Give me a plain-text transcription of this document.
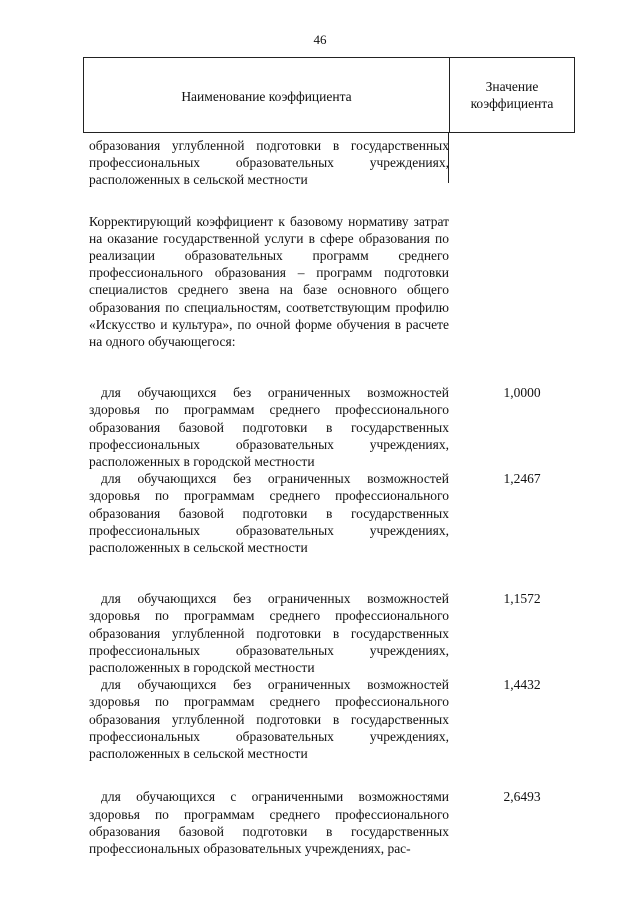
46
Наименование коэффициента
Значение коэффициента
образования углубленной подготовки в государственных профессиональных образовательных учреждениях, расположенных в сельской местности
Корректирующий коэффициент к базовому нормативу затрат на оказание государственной услуги в сфере образования по реализации образовательных программ среднего профессионального образования – программ подготовки специалистов среднего звена на базе основного общего образования по специальностям, соответствующим профилю «Искусство и культура», по очной форме обучения в расчете на одного обучающегося:
для обучающихся без ограниченных возможностей здоровья по программам среднего профессионального образования базовой подготовки в государственных профессиональных образовательных учреждениях, расположенных в городской местности
1,0000
для обучающихся без ограниченных возможностей здоровья по программам среднего профессионального образования базовой подготовки в государственных профессиональных образовательных учреждениях, расположенных в сельской местности
1,2467
для обучающихся без ограниченных возможностей здоровья по программам среднего профессионального образования углубленной подготовки в государственных профессиональных образовательных учреждениях, расположенных в городской местности
1,1572
для обучающихся без ограниченных возможностей здоровья по программам среднего профессионального образования углубленной подготовки в государственных профессиональных образовательных учреждениях, расположенных в сельской местности
1,4432
для обучающихся с ограниченными возможностями здоровья по программам среднего профессионального образования базовой подготовки в государственных профессиональных образовательных учреждениях, рас-
2,6493
